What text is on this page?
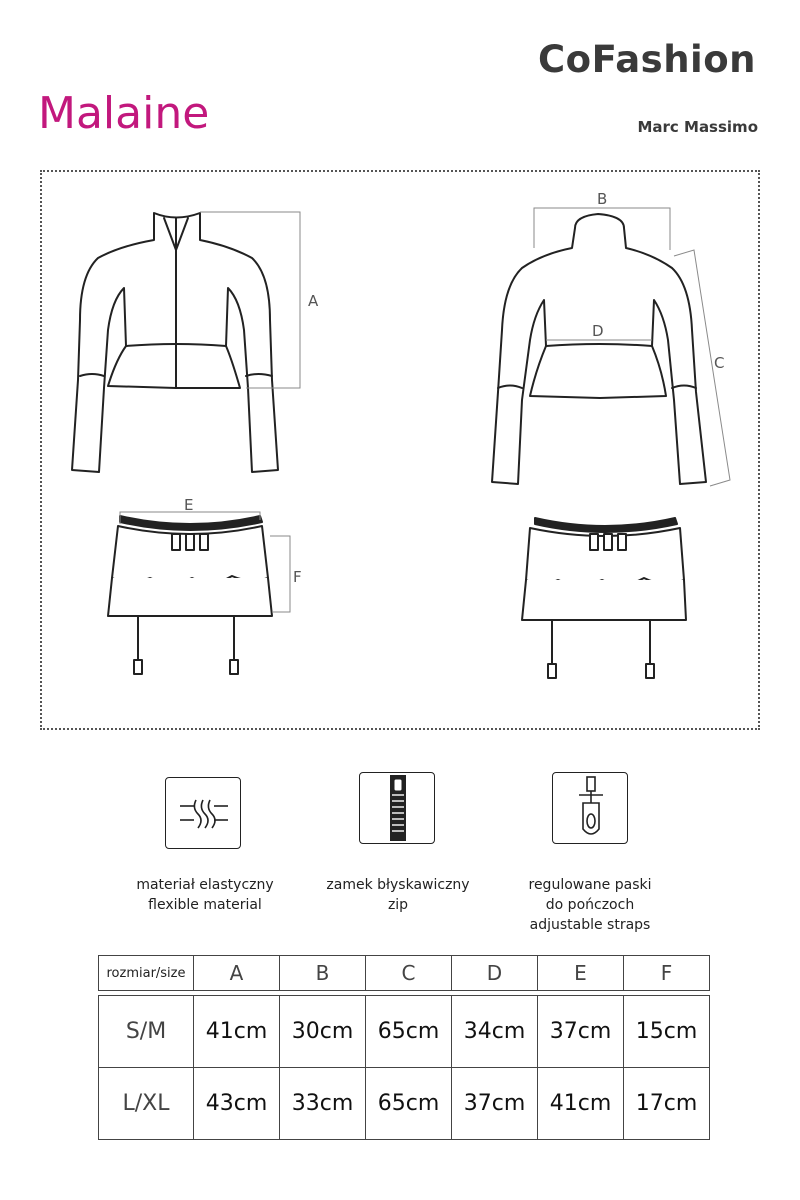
CoFashion
Malaine	Marc Massimo
A
B
C
D
E
F
materiał elastyczny
flexible material
zamek błyskawiczny
zip
regulowane paski
do pończoch
adjustable straps
rozmiar/size	A	B	C	D	E	F
S/M	41cm	30cm	65cm	34cm	37cm	15cm
L/XL	43cm	33cm	65cm	37cm	41cm	17cm
